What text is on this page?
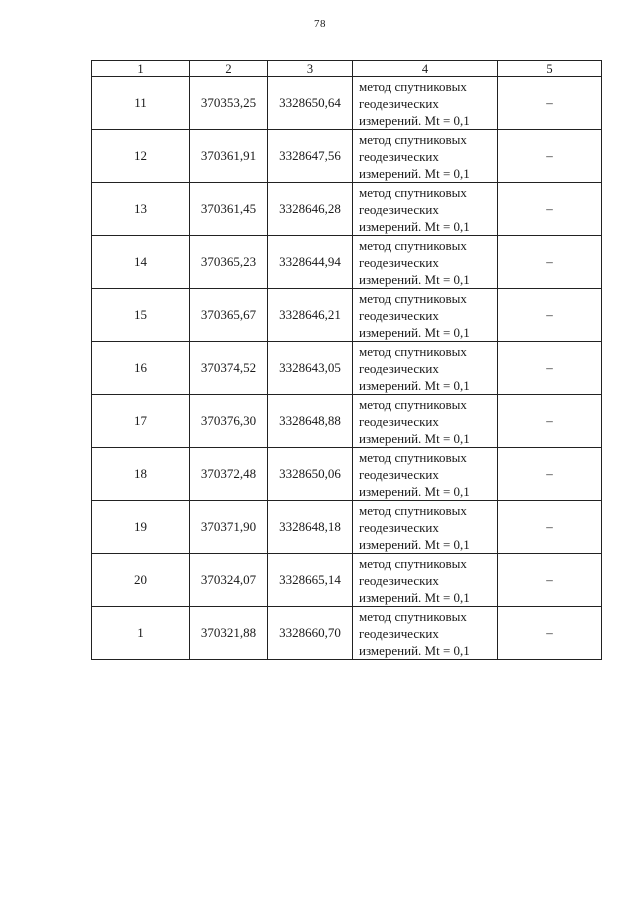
78
1	2	3	4	5
11	370353,25	3328650,64	метод спутниковых
геодезических
измерений. Mt = 0,1	–
12	370361,91	3328647,56	метод спутниковых
геодезических
измерений. Mt = 0,1	–
13	370361,45	3328646,28	метод спутниковых
геодезических
измерений. Mt = 0,1	–
14	370365,23	3328644,94	метод спутниковых
геодезических
измерений. Mt = 0,1	–
15	370365,67	3328646,21	метод спутниковых
геодезических
измерений. Mt = 0,1	–
16	370374,52	3328643,05	метод спутниковых
геодезических
измерений. Mt = 0,1	–
17	370376,30	3328648,88	метод спутниковых
геодезических
измерений. Mt = 0,1	–
18	370372,48	3328650,06	метод спутниковых
геодезических
измерений. Mt = 0,1	–
19	370371,90	3328648,18	метод спутниковых
геодезических
измерений. Mt = 0,1	–
20	370324,07	3328665,14	метод спутниковых
геодезических
измерений. Mt = 0,1	–
1	370321,88	3328660,70	метод спутниковых
геодезических
измерений. Mt = 0,1	–
